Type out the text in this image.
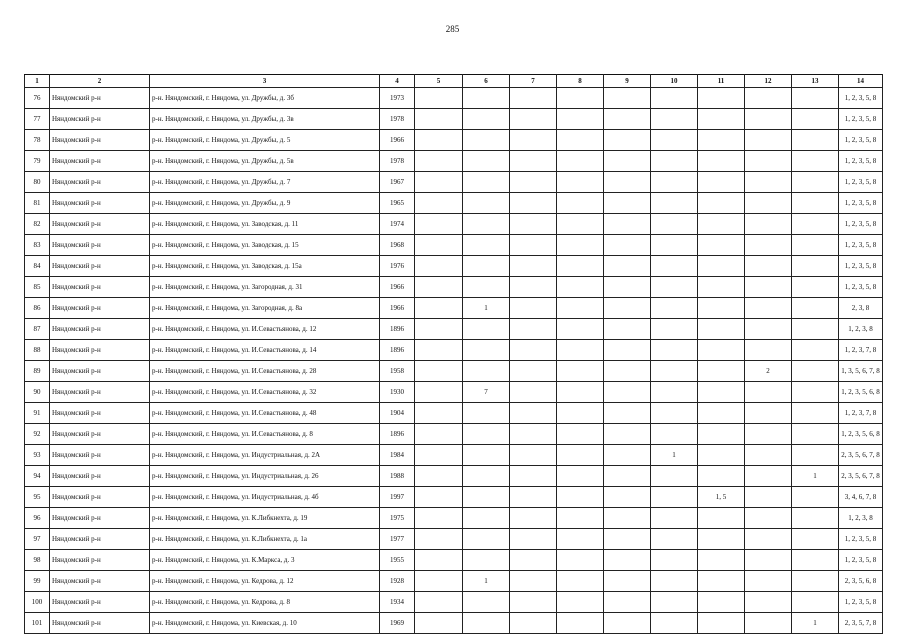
285
1	2	3	4	5	6	7	8	9	10	11	12	13	14
76	Няндомский р-н	р-н. Няндомский, г. Няндома, ул. Дружбы, д. 3б	1973										1, 2, 3, 5, 8
77	Няндомский р-н	р-н. Няндомский, г. Няндома, ул. Дружбы, д. 3в	1978										1, 2, 3, 5, 8
78	Няндомский р-н	р-н. Няндомский, г. Няндома, ул. Дружбы, д. 5	1966										1, 2, 3, 5, 8
79	Няндомский р-н	р-н. Няндомский, г. Няндома, ул. Дружбы, д. 5в	1978										1, 2, 3, 5, 8
80	Няндомский р-н	р-н. Няндомский, г. Няндома, ул. Дружбы, д. 7	1967										1, 2, 3, 5, 8
81	Няндомский р-н	р-н. Няндомский, г. Няндома, ул. Дружбы, д. 9	1965										1, 2, 3, 5, 8
82	Няндомский р-н	р-н. Няндомский, г. Няндома, ул. Заводская, д. 11	1974										1, 2, 3, 5, 8
83	Няндомский р-н	р-н. Няндомский, г. Няндома, ул. Заводская, д. 15	1968										1, 2, 3, 5, 8
84	Няндомский р-н	р-н. Няндомский, г. Няндома, ул. Заводская, д. 15а	1976										1, 2, 3, 5, 8
85	Няндомский р-н	р-н. Няндомский, г. Няндома, ул. Загородная, д. 31	1966										1, 2, 3, 5, 8
86	Няндомский р-н	р-н. Няндомский, г. Няндома, ул. Загородная, д. 8а	1966		1								2, 3, 8
87	Няндомский р-н	р-н. Няндомский, г. Няндома, ул. И.Севастьянова, д. 12	1896										1, 2, 3, 8
88	Няндомский р-н	р-н. Няндомский, г. Няндома, ул. И.Севастьянова, д. 14	1896										1, 2, 3, 7, 8
89	Няндомский р-н	р-н. Няндомский, г. Няндома, ул. И.Севастьянова, д. 28	1958								2		1, 3, 5, 6, 7, 8
90	Няндомский р-н	р-н. Няндомский, г. Няндома, ул. И.Севастьянова, д. 32	1930		7								1, 2, 3, 5, 6, 8
91	Няндомский р-н	р-н. Няндомский, г. Няндома, ул. И.Севастьянова, д. 48	1904										1, 2, 3, 7, 8
92	Няндомский р-н	р-н. Няндомский, г. Няндома, ул. И.Севастьянова, д. 8	1896										1, 2, 3, 5, 6, 8
93	Няндомский р-н	р-н. Няндомский, г. Няндома, ул. Индустриальная, д. 2А	1984						1				2, 3, 5, 6, 7, 8
94	Няндомский р-н	р-н. Няндомский, г. Няндома, ул. Индустриальная, д. 26	1988									1	2, 3, 5, 6, 7, 8
95	Няндомский р-н	р-н. Няндомский, г. Няндома, ул. Индустриальная, д. 4б	1997							1, 5			3, 4, 6, 7, 8
96	Няндомский р-н	р-н. Няндомский, г. Няндома, ул. К.Либкнехта, д. 19	1975										1, 2, 3, 8
97	Няндомский р-н	р-н. Няндомский, г. Няндома, ул. К.Либкнехта, д. 1а	1977										1, 2, 3, 5, 8
98	Няндомский р-н	р-н. Няндомский, г. Няндома, ул. К.Маркса, д. 3	1955										1, 2, 3, 5, 8
99	Няндомский р-н	р-н. Няндомский, г. Няндома, ул. Кедрова, д. 12	1928		1								2, 3, 5, 6, 8
100	Няндомский р-н	р-н. Няндомский, г. Няндома, ул. Кедрова, д. 8	1934										1, 2, 3, 5, 8
101	Няндомский р-н	р-н. Няндомский, г. Няндома, ул. Киевская, д. 10	1969									1	2, 3, 5, 7, 8
